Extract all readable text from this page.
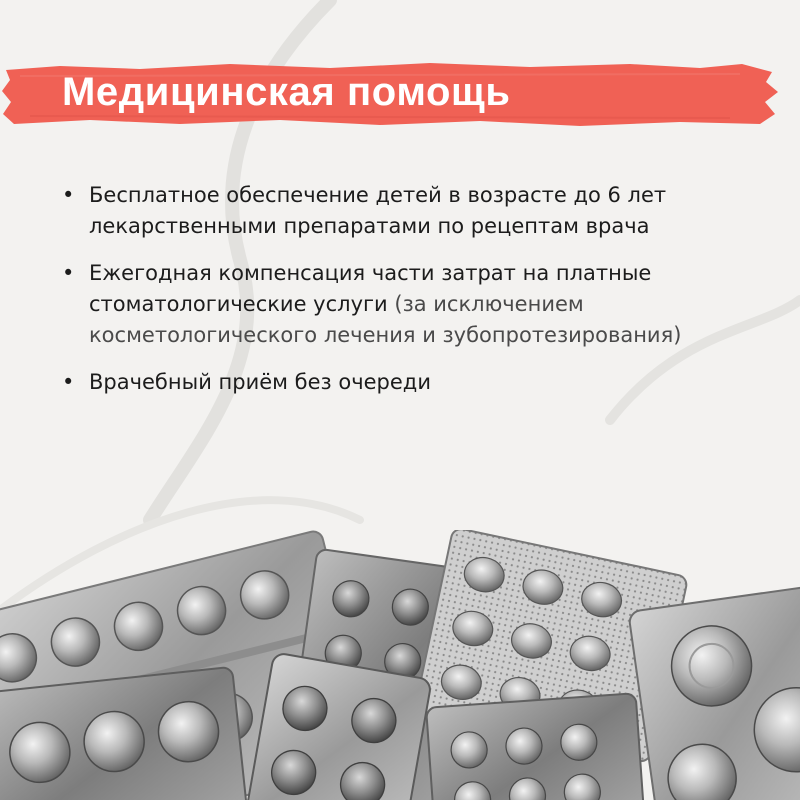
Медицинская помощь
• Бесплатное обеспечение детей в возрасте до 6 лет лекарственными препаратами по рецептам врача
• Ежегодная компенсация части затрат на платные стоматологические услуги (за исключением косметологического лечения и зубопротезирования)
• Врачебный приём без очереди
